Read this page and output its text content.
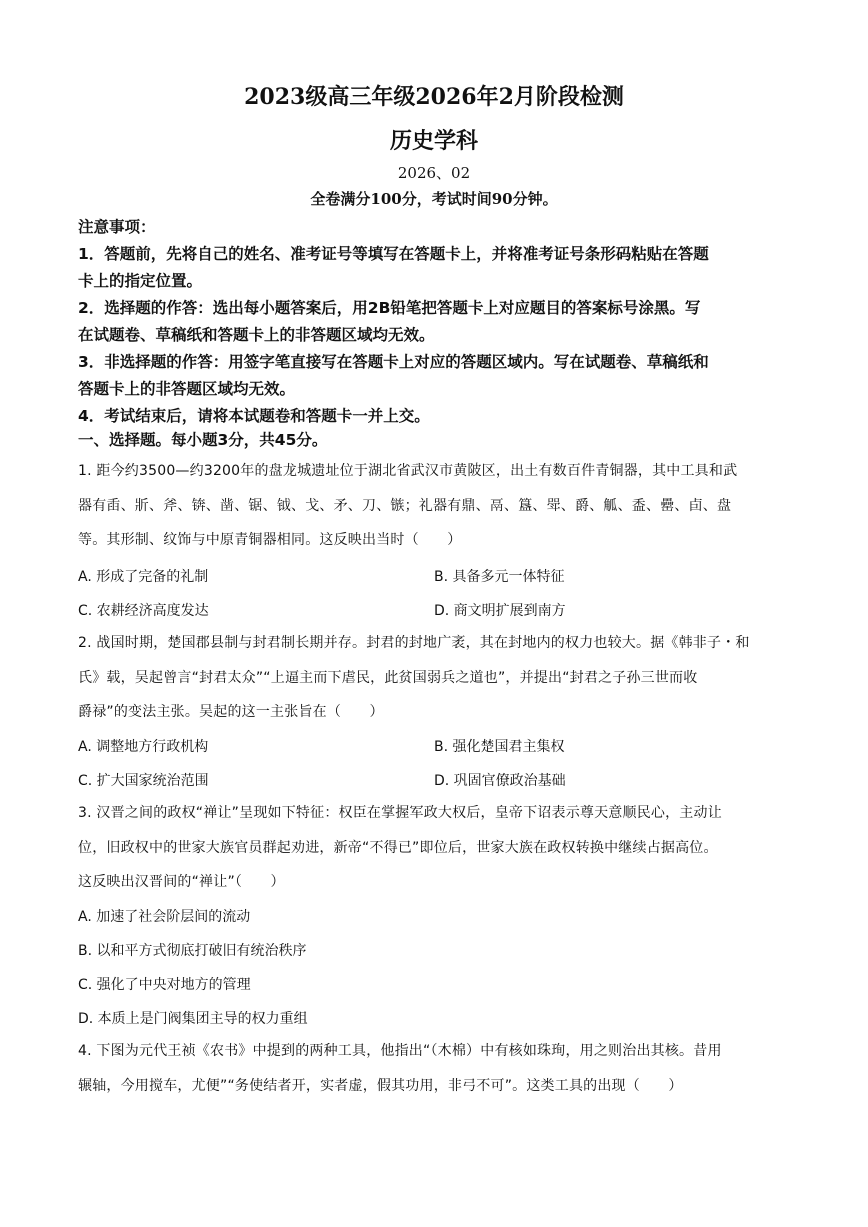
2023级高三年级2026年2月阶段检测
历史学科
2026、02
全卷满分100分，考试时间90分钟。
注意事项：
1．答题前，先将自己的姓名、准考证号等填写在答题卡上，并将准考证号条形码粘贴在答题
卡上的指定位置。
2．选择题的作答：选出每小题答案后，用2B铅笔把答题卡上对应题目的答案标号涂黑。写
在试题卷、草稿纸和答题卡上的非答题区域均无效。
3．非选择题的作答：用签字笔直接写在答题卡上对应的答题区域内。写在试题卷、草稿纸和
答题卡上的非答题区域均无效。
4．考试结束后，请将本试题卷和答题卡一并上交。
一、选择题。每小题3分，共45分。

1. 距今约3500—约3200年的盘龙城遗址位于湖北省武汉市黄陂区，出土有数百件青铜器，其中工具和武

器有臿、斨、斧、锛、凿、锯、钺、戈、矛、刀、镞；礼器有鼎、鬲、簋、斝、爵、觚、盉、罍、卣、盘

等。其形制、纹饰与中原青铜器相同。这反映出当时（　　）

A. 形成了完备的礼制	B. 具备多元一体特征
C. 农耕经济高度发达	D. 商文明扩展到南方

2. 战国时期，楚国郡县制与封君制长期并存。封君的封地广袤，其在封地内的权力也较大。据《韩非子・和

氏》载，吴起曾言“封君太众”“上逼主而下虐民，此贫国弱兵之道也”，并提出“封君之子孙三世而收

爵禄”的变法主张。吴起的这一主张旨在（　　）

A. 调整地方行政机构	B. 强化楚国君主集权
C. 扩大国家统治范围	D. 巩固官僚政治基础

3. 汉晋之间的政权“禅让”呈现如下特征：权臣在掌握军政大权后，皇帝下诏表示尊天意顺民心，主动让

位，旧政权中的世家大族官员群起劝进，新帝“不得已”即位后，世家大族在政权转换中继续占据高位。

这反映出汉晋间的“禅让”（　　）

A. 加速了社会阶层间的流动
B. 以和平方式彻底打破旧有统治秩序
C. 强化了中央对地方的管理
D. 本质上是门阀集团主导的权力重组

4. 下图为元代王祯《农书》中提到的两种工具，他指出“（木棉）中有核如珠珣，用之则治出其核。昔用

辗轴，今用搅车，尤便”“务使结者开，实者虚，假其功用，非弓不可”。这类工具的出现（　　）
